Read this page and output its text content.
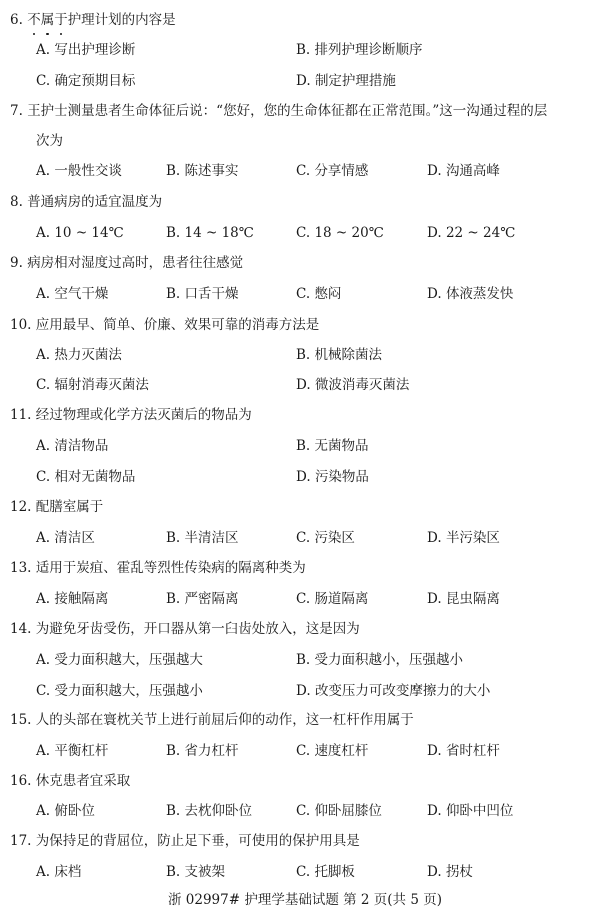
浙 02997# 护理学基础试题 第 2 页(共 5 页)
6. 不属于护理计划的内容是
A. 写出护理诊断	B. 排列护理诊断顺序
C. 确定预期目标	D. 制定护理措施
7. 王护士测量患者生命体征后说：“您好，您的生命体征都在正常范围。”这一沟通过程的层
次为
A. 一般性交谈	B. 陈述事实	C. 分享情感	D. 沟通高峰
8. 普通病房的适宜温度为
A. 10 ~ 14℃	B. 14 ~ 18℃	C. 18 ~ 20℃	D. 22 ~ 24℃
9. 病房相对湿度过高时，患者往往感觉
A. 空气干燥	B. 口舌干燥	C. 憋闷	D. 体液蒸发快
10. 应用最早、简单、价廉、效果可靠的消毒方法是
A. 热力灭菌法	B. 机械除菌法
C. 辐射消毒灭菌法	D. 微波消毒灭菌法
11. 经过物理或化学方法灭菌后的物品为
A. 清洁物品	B. 无菌物品
C. 相对无菌物品	D. 污染物品
12. 配膳室属于
A. 清洁区	B. 半清洁区	C. 污染区	D. 半污染区
13. 适用于炭疽、霍乱等烈性传染病的隔离种类为
A. 接触隔离	B. 严密隔离	C. 肠道隔离	D. 昆虫隔离
14. 为避免牙齿受伤，开口器从第一臼齿处放入，这是因为
A. 受力面积越大，压强越大	B. 受力面积越小，压强越小
C. 受力面积越大，压强越小	D. 改变压力可改变摩擦力的大小
15. 人的头部在寰枕关节上进行前屈后仰的动作，这一杠杆作用属于
A. 平衡杠杆	B. 省力杠杆	C. 速度杠杆	D. 省时杠杆
16. 休克患者宜采取
A. 俯卧位	B. 去枕仰卧位	C. 仰卧屈膝位	D. 仰卧中凹位
17. 为保持足的背屈位，防止足下垂，可使用的保护用具是
A. 床档	B. 支被架	C. 托脚板	D. 拐杖
